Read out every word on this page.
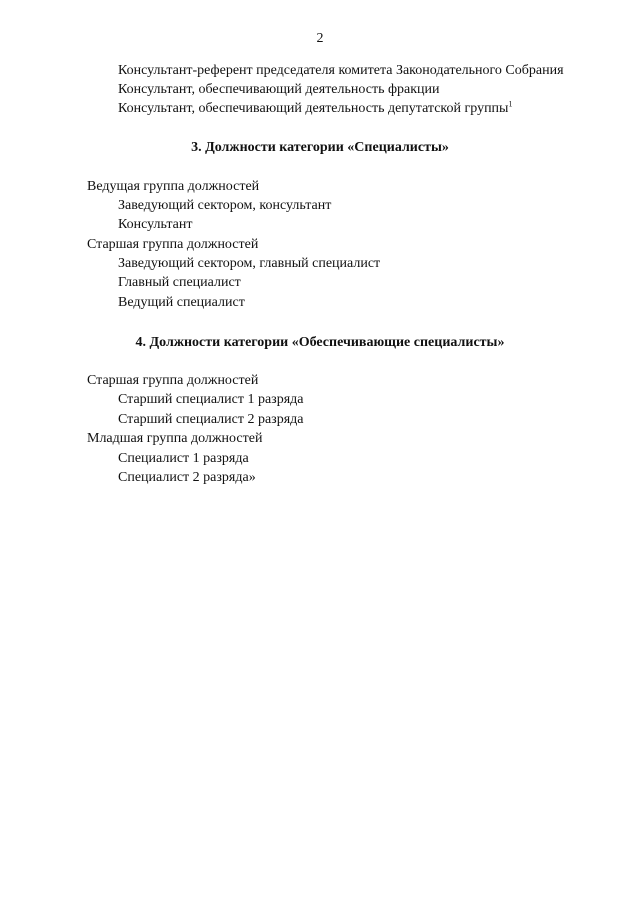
2
Консультант-референт председателя комитета Законодательного Собрания
Консультант, обеспечивающий деятельность фракции
Консультант, обеспечивающий деятельность депутатской группы$^1$
3. Должности категории «Специалисты»
Ведущая группа должностей
Заведующий сектором, консультант
Консультант
Старшая группа должностей
Заведующий сектором, главный специалист
Главный специалист
Ведущий специалист
4. Должности категории «Обеспечивающие специалисты»
Старшая группа должностей
Старший специалист 1 разряда
Старший специалист 2 разряда
Младшая группа должностей
Специалист 1 разряда
Специалист 2 разряда»
